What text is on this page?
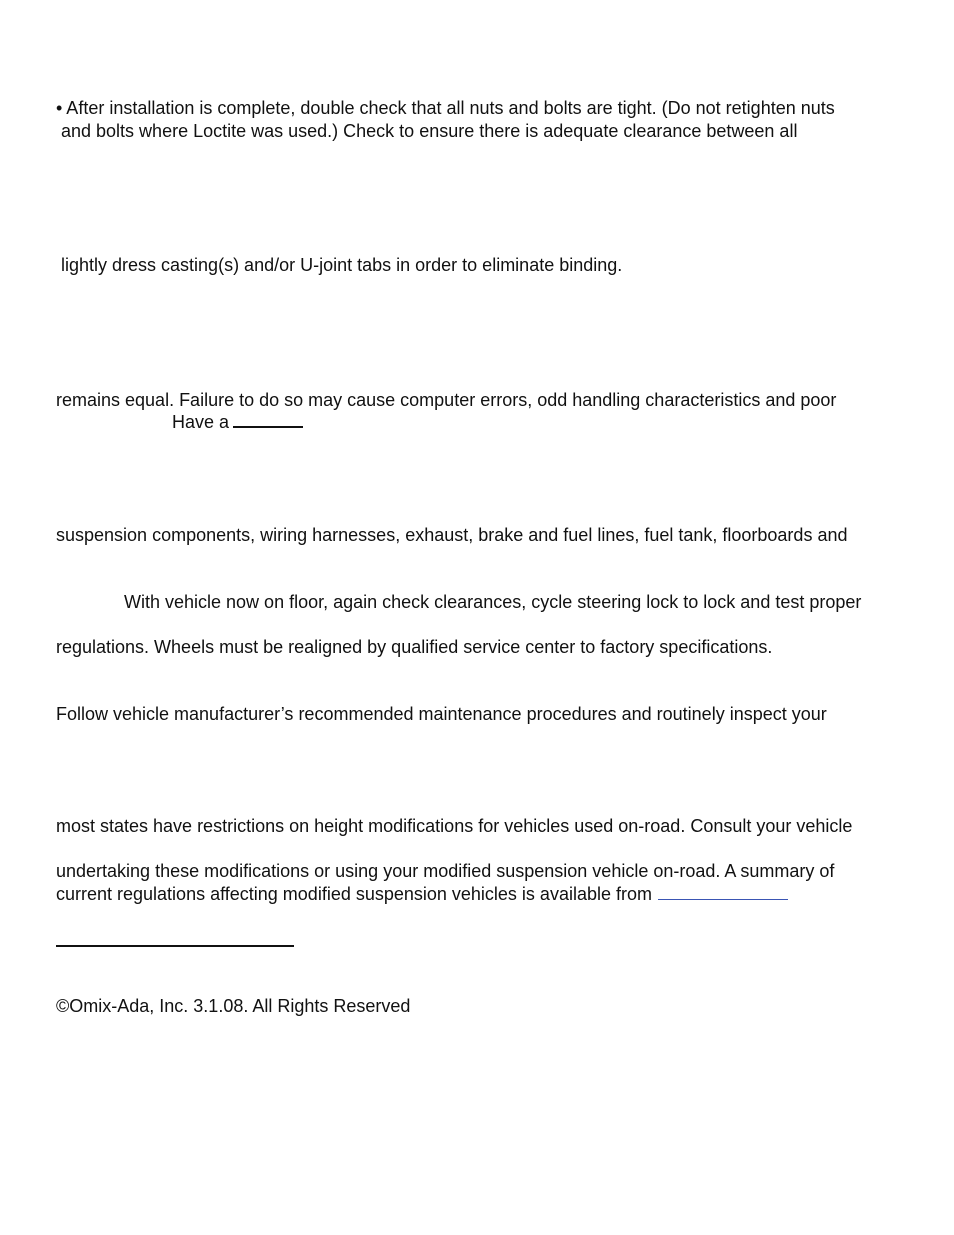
• After installation is complete, double check that all nuts and bolts are tight. (Do not retighten nuts
and bolts where Loctite was used.) Check to ensure there is adequate clearance between all
lightly dress casting(s) and/or U-joint tabs in order to eliminate binding.
remains equal. Failure to do so may cause computer errors, odd handling characteristics and poor
Have a
suspension components, wiring harnesses, exhaust, brake and fuel lines, fuel tank, floorboards and
With vehicle now on floor, again check clearances, cycle steering lock to lock and test proper
regulations. Wheels must be realigned by qualified service center to factory specifications.
Follow vehicle manufacturer’s recommended maintenance procedures and routinely inspect your
most states have restrictions on height modifications for vehicles used on-road. Consult your vehicle
undertaking these modifications or using your modified suspension vehicle on-road. A summary of
current regulations affecting modified suspension vehicles is available from
©Omix-Ada, Inc. 3.1.08. All Rights Reserved
